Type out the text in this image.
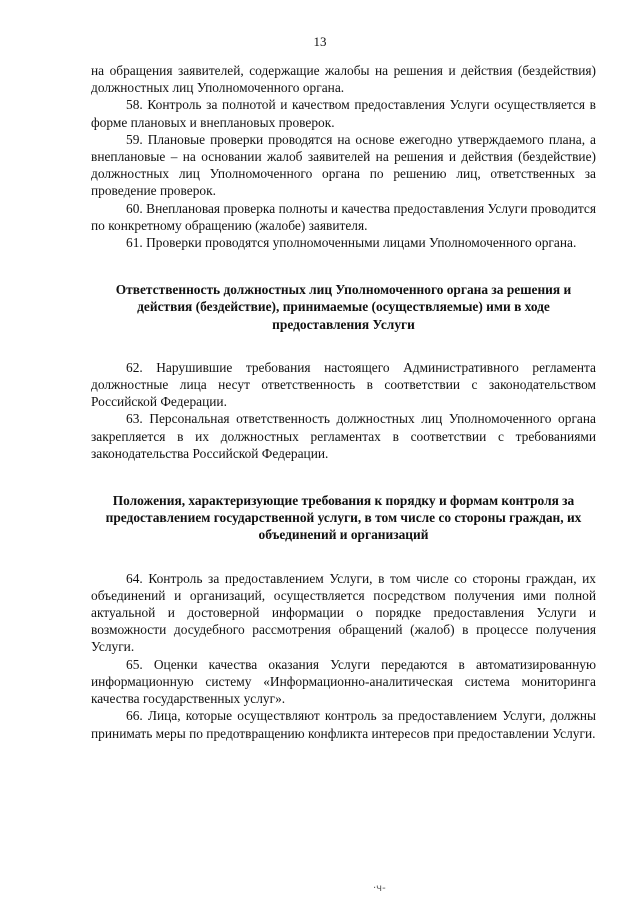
13

на обращения заявителей, содержащие жалобы на решения и действия (бездействия) должностных лиц Уполномоченного органа.

58. Контроль за полнотой и качеством предоставления Услуги осуществляется в форме плановых и внеплановых проверок.

59. Плановые проверки проводятся на основе ежегодно утверждаемого плана, а внеплановые – на основании жалоб заявителей на решения и действия (бездействие) должностных лиц Уполномоченного органа по решению лиц, ответственных за проведение проверок.

60. Внеплановая проверка полноты и качества предоставления Услуги проводится по конкретному обращению (жалобе) заявителя.

61. Проверки проводятся уполномоченными лицами Уполномоченного органа.

Ответственность должностных лиц Уполномоченного органа за решения и действия (бездействие), принимаемые (осуществляемые) ими в ходе предоставления Услуги

62. Нарушившие требования настоящего Административного регламента должностные лица несут ответственность в соответствии с законодательством Российской Федерации.

63. Персональная ответственность должностных лиц Уполномоченного органа закрепляется в их должностных регламентах в соответствии с требованиями законодательства Российской Федерации.

Положения, характеризующие требования к порядку и формам контроля за предоставлением государственной услуги, в том числе со стороны граждан, их объединений и организаций

64. Контроль за предоставлением Услуги, в том числе со стороны граждан, их объединений и организаций, осуществляется посредством получения ими полной актуальной и достоверной информации о порядке предоставления Услуги и возможности досудебного рассмотрения обращений (жалоб) в процессе получения Услуги.

65. Оценки качества оказания Услуги передаются в автоматизированную информационную систему «Информационно-аналитическая система мониторинга качества государственных услуг».

66. Лица, которые осуществляют контроль за предоставлением Услуги, должны принимать меры по предотвращению конфликта интересов при предоставлении Услуги.

·ч-
